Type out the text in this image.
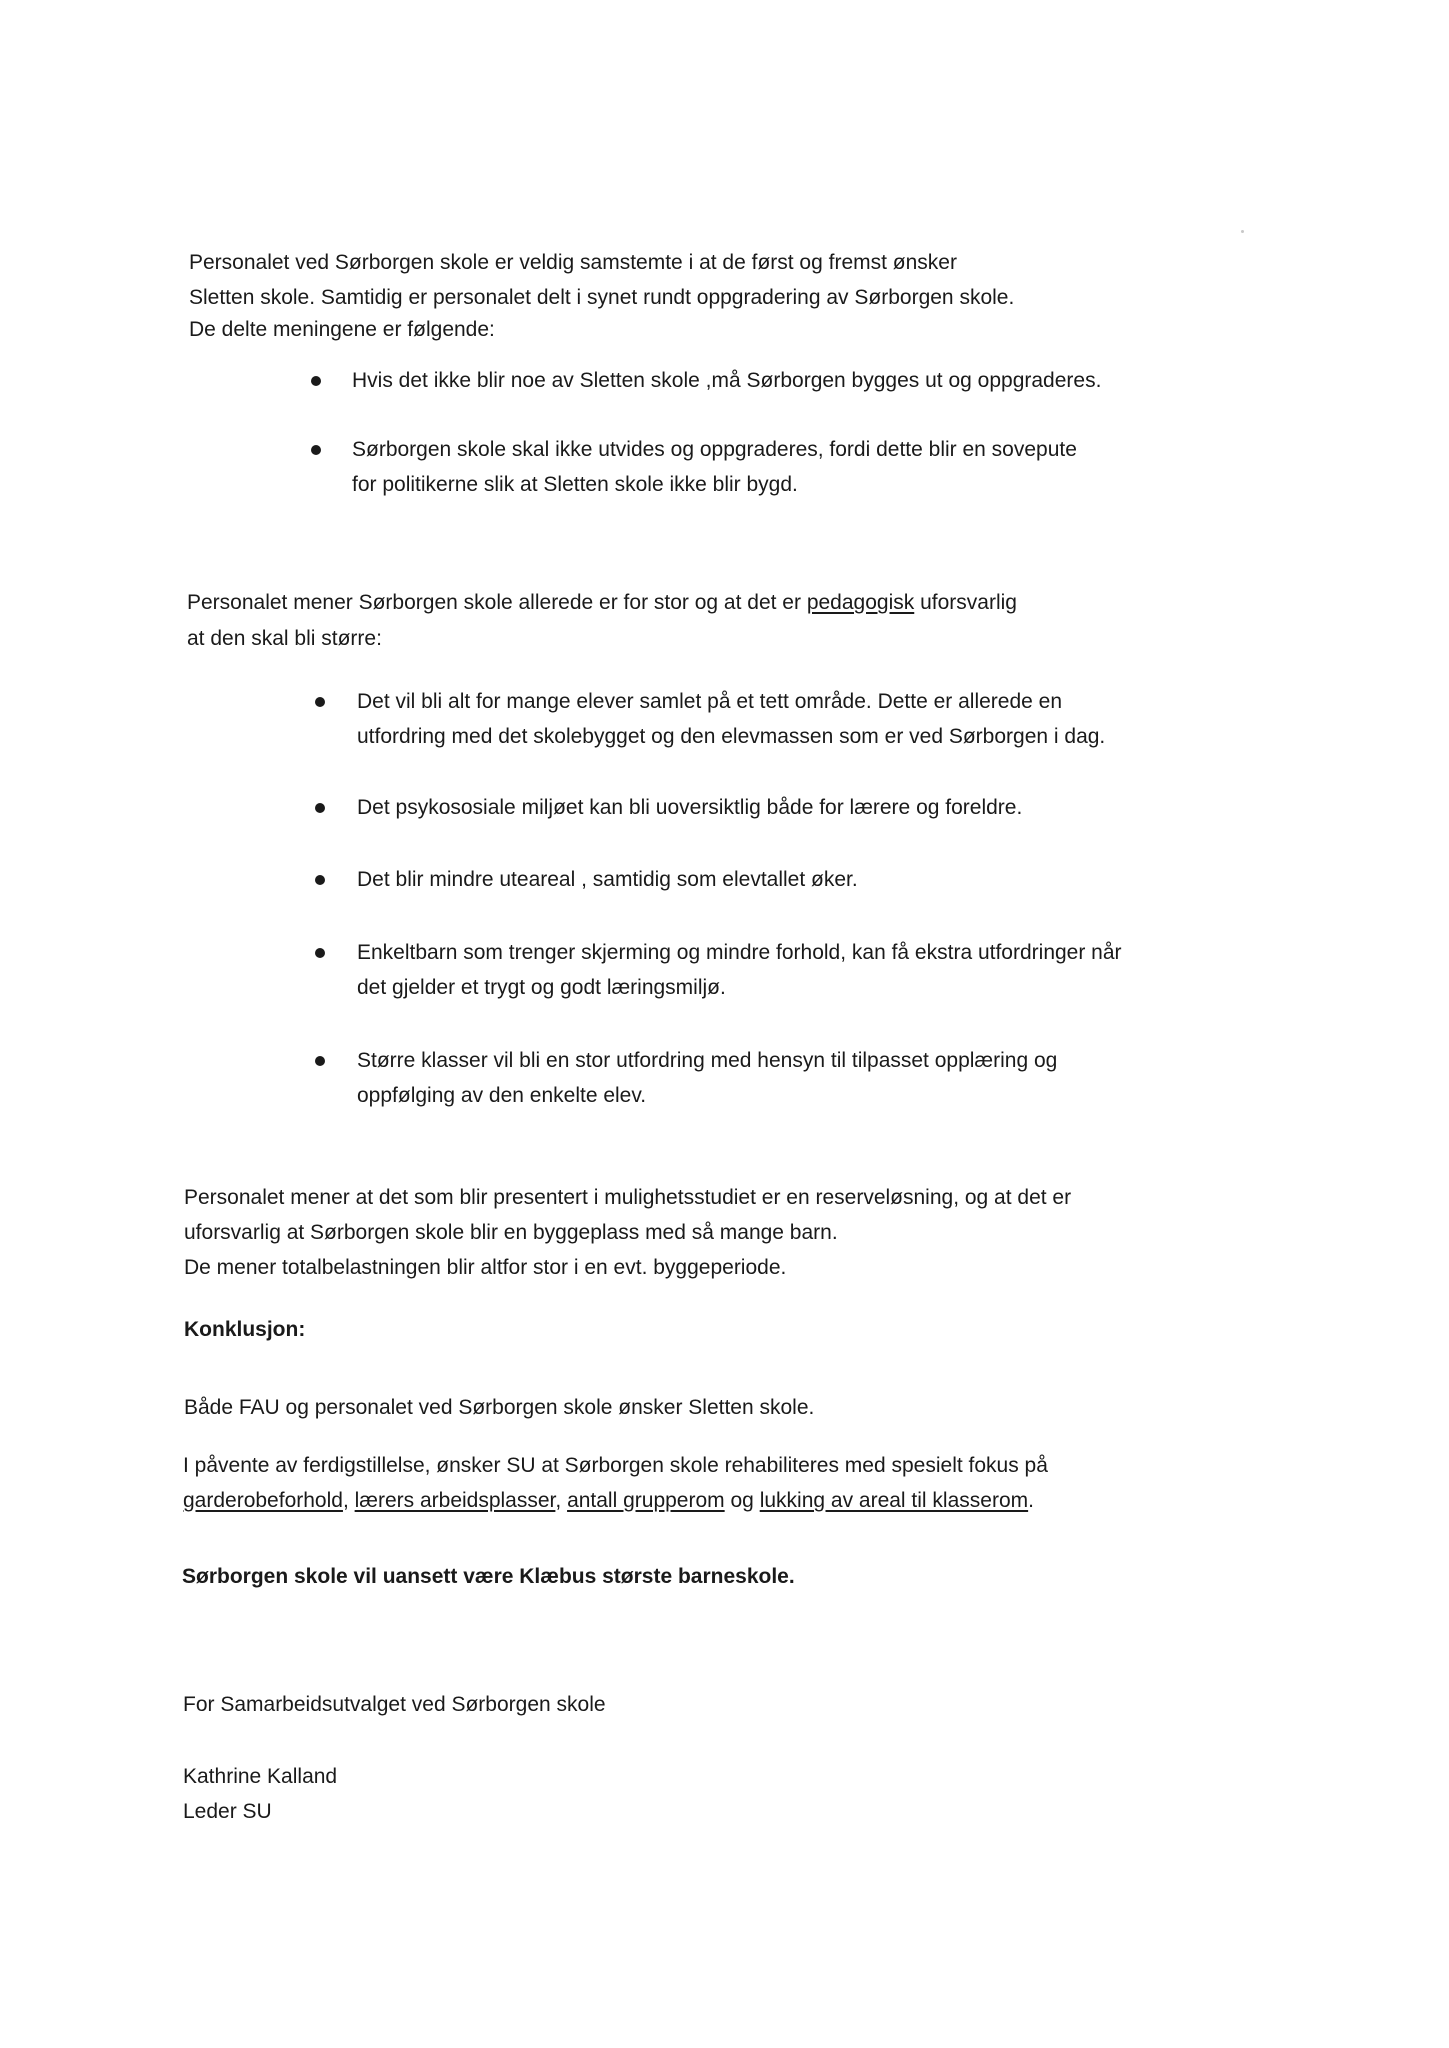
Personalet ved Sørborgen skole er veldig samstemte i at de først og fremst ønsker
Sletten skole. Samtidig er personalet delt i synet rundt oppgradering av Sørborgen skole.
De delte meningene er følgende:
Hvis det ikke blir noe av Sletten skole ,må Sørborgen bygges ut og oppgraderes.
Sørborgen skole skal ikke utvides og oppgraderes, fordi dette blir en sovepute
for politikerne slik at Sletten skole ikke blir bygd.
Personalet mener Sørborgen skole allerede er for stor og at det er pedagogisk uforsvarlig
at den skal bli større:
Det vil bli alt for mange elever samlet på et tett område. Dette er allerede en
utfordring med det skolebygget og den elevmassen som er ved Sørborgen i dag.
Det psykososiale miljøet kan bli uoversiktlig både for lærere og foreldre.
Det blir mindre uteareal , samtidig som elevtallet øker.
Enkeltbarn som trenger skjerming og mindre forhold, kan få ekstra utfordringer når
det gjelder et trygt og godt læringsmiljø.
Større klasser vil bli en stor utfordring med hensyn til tilpasset opplæring og
oppfølging av den enkelte elev.
Personalet mener at det som blir presentert i mulighetsstudiet er en reserveløsning, og at det er
uforsvarlig at Sørborgen skole blir en byggeplass med så mange barn.
De mener totalbelastningen blir altfor stor i en evt. byggeperiode.
Konklusjon:
Både FAU og personalet ved Sørborgen skole ønsker Sletten skole.
I påvente av ferdigstillelse, ønsker SU at Sørborgen skole rehabiliteres med spesielt fokus på
garderobeforhold, lærers arbeidsplasser, antall grupperom og lukking av areal til klasserom.
Sørborgen skole vil uansett være Klæbus største barneskole.
For Samarbeidsutvalget ved Sørborgen skole
Kathrine Kalland
Leder SU
